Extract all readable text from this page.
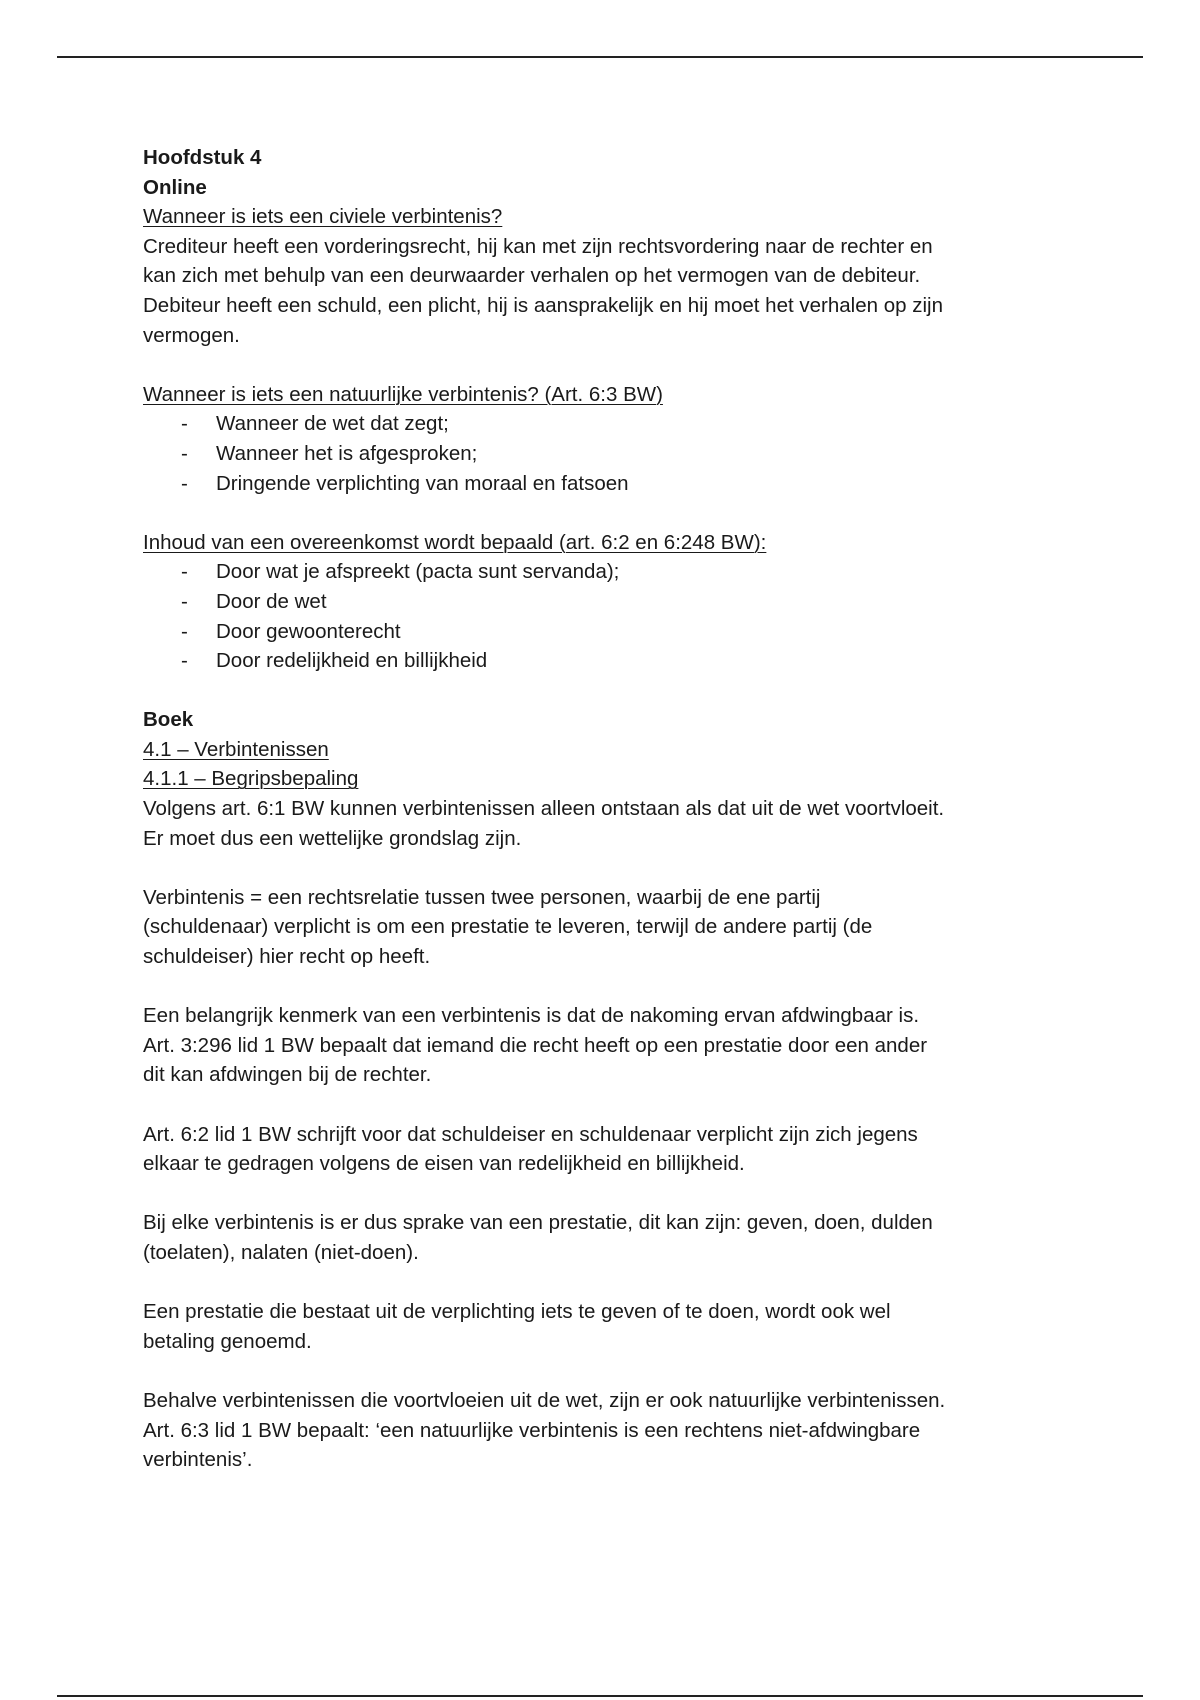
Hoofdstuk 4
Online
Wanneer is iets een civiele verbintenis?
Crediteur heeft een vorderingsrecht, hij kan met zijn rechtsvordering naar de rechter en
kan zich met behulp van een deurwaarder verhalen op het vermogen van de debiteur.
Debiteur heeft een schuld, een plicht, hij is aansprakelijk en hij moet het verhalen op zijn
vermogen.
Wanneer is iets een natuurlijke verbintenis? (Art. 6:3 BW)
- Wanneer de wet dat zegt;
- Wanneer het is afgesproken;
- Dringende verplichting van moraal en fatsoen
Inhoud van een overeenkomst wordt bepaald (art. 6:2 en 6:248 BW):
- Door wat je afspreekt (pacta sunt servanda);
- Door de wet
- Door gewoonterecht
- Door redelijkheid en billijkheid
Boek
4.1 – Verbintenissen
4.1.1 – Begripsbepaling
Volgens art. 6:1 BW kunnen verbintenissen alleen ontstaan als dat uit de wet voortvloeit.
Er moet dus een wettelijke grondslag zijn.
Verbintenis = een rechtsrelatie tussen twee personen, waarbij de ene partij
(schuldenaar) verplicht is om een prestatie te leveren, terwijl de andere partij (de
schuldeiser) hier recht op heeft.
Een belangrijk kenmerk van een verbintenis is dat de nakoming ervan afdwingbaar is.
Art. 3:296 lid 1 BW bepaalt dat iemand die recht heeft op een prestatie door een ander
dit kan afdwingen bij de rechter.
Art. 6:2 lid 1 BW schrijft voor dat schuldeiser en schuldenaar verplicht zijn zich jegens
elkaar te gedragen volgens de eisen van redelijkheid en billijkheid.
Bij elke verbintenis is er dus sprake van een prestatie, dit kan zijn: geven, doen, dulden
(toelaten), nalaten (niet-doen).
Een prestatie die bestaat uit de verplichting iets te geven of te doen, wordt ook wel
betaling genoemd.
Behalve verbintenissen die voortvloeien uit de wet, zijn er ook natuurlijke verbintenissen.
Art. 6:3 lid 1 BW bepaalt: ‘een natuurlijke verbintenis is een rechtens niet-afdwingbare
verbintenis’.
